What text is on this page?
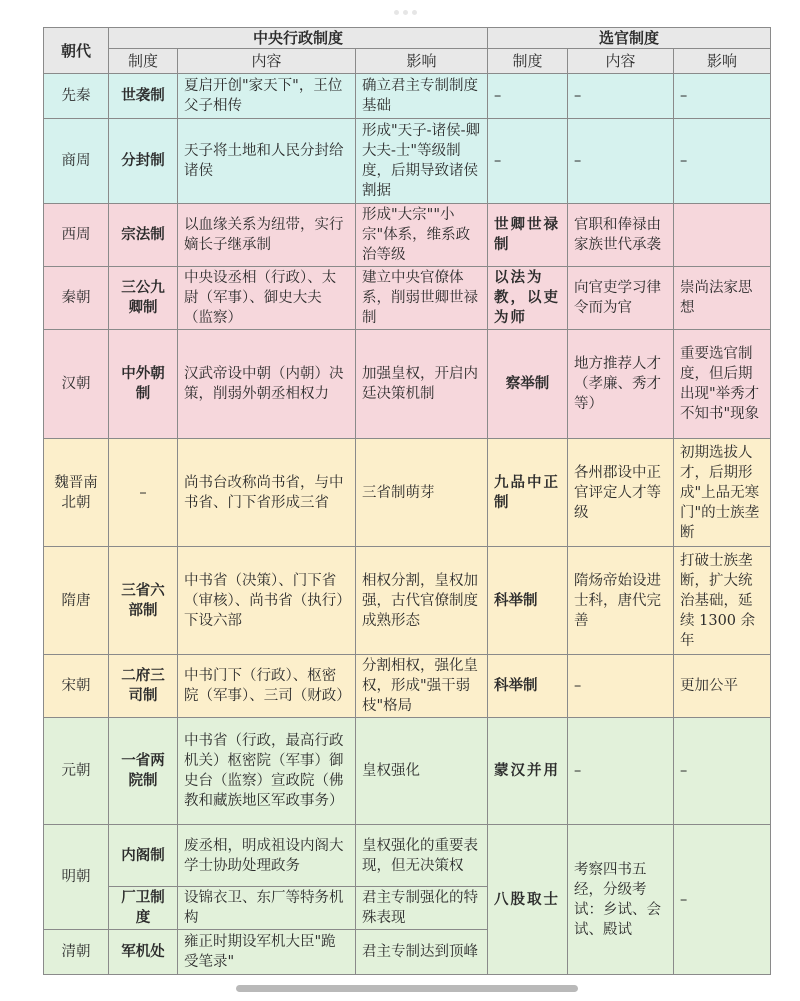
朝代	中央行政制度			选官制度		
	制度	内容	影响	制度	内容	影响
先秦	世袭制	夏启开创"家天下"，王位父子相传	确立君主专制制度基础	–	–	–
商周	分封制	天子将土地和人民分封给诸侯	形成"天子-诸侯-卿大夫-士"等级制度，后期导致诸侯割据	–	–	–
西周	宗法制	以血缘关系为纽带，实行嫡长子继承制	形成"大宗""小宗"体系，维系政治等级	世卿世禄制	官职和俸禄由家族世代承袭	
秦朝	三公九卿制	中央设丞相（行政）、太尉（军事）、御史大夫（监察）	建立中央官僚体系，削弱世卿世禄制	以法为教，以吏为师	向官吏学习律令而为官	崇尚法家思想
汉朝	中外朝制	汉武帝设中朝（内朝）决策，削弱外朝丞相权力	加强皇权，开启内廷决策机制	察举制	地方推荐人才（孝廉、秀才等）	重要选官制度，但后期出现"举秀才不知书"现象
魏晋南北朝	–	尚书台改称尚书省，与中书省、门下省形成三省	三省制萌芽	九品中正制	各州郡设中正官评定人才等级	初期选拔人才，后期形成"上品无寒门"的士族垄断
隋唐	三省六部制	中书省（决策）、门下省（审核）、尚书省（执行）下设六部	相权分割，皇权加强，古代官僚制度成熟形态	科举制	隋炀帝始设进士科，唐代完善	打破士族垄断，扩大统治基础，延续 1300 余年
宋朝	二府三司制	中书门下（行政）、枢密院（军事）、三司（财政）	分割相权，强化皇权，形成"强干弱枝"格局	科举制	–	更加公平
元朝	一省两院制	中书省（行政，最高行政机关）枢密院（军事）御史台（监察）宣政院（佛教和藏族地区军政事务）	皇权强化	蒙汉并用	–	–
明朝	内阁制	废丞相，明成祖设内阁大学士协助处理政务	皇权强化的重要表现，但无决策权	八股取士	考察四书五经，分级考试：乡试、会试、殿试	–
	厂卫制度	设锦衣卫、东厂等特务机构	君主专制强化的特殊表现			
清朝	军机处	雍正时期设军机大臣"跪受笔录"	君主专制达到顶峰			
